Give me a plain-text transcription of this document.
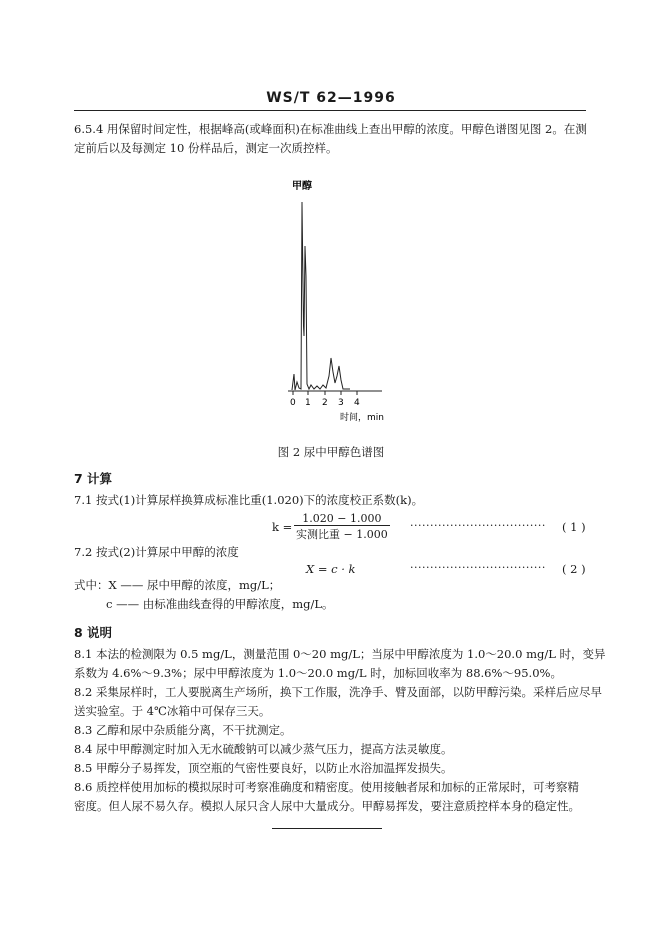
WS/T 62—1996
6.5.4 用保留时间定性，根据峰高(或峰面积)在标准曲线上查出甲醇的浓度。甲醇色谱图见图 2。在测
定前后以及每测定 10 份样品后，测定一次质控样。
甲醇
0 1 2 3 4
时间，min
图 2 尿中甲醇色谱图
7 计算
7.1 按式(1)计算尿样换算成标准比重(1.020)下的浓度校正系数(k)。
k =
1.020 − 1.000
实测比重 − 1.000
·································· ( 1 )
7.2 按式(2)计算尿中甲醇的浓度
X = c · k	·································· ( 2 )
式中：X —— 尿中甲醇的浓度，mg/L；
c —— 由标准曲线查得的甲醇浓度，mg/L。
8 说明
8.1 本法的检测限为 0.5 mg/L，测量范围 0～20 mg/L；当尿中甲醇浓度为 1.0～20.0 mg/L 时，变异
系数为 4.6%～9.3%；尿中甲醇浓度为 1.0～20.0 mg/L 时，加标回收率为 88.6%～95.0%。
8.2 采集尿样时，工人要脱离生产场所，换下工作服，洗净手、臂及面部，以防甲醇污染。采样后应尽早
送实验室。于 4℃冰箱中可保存三天。
8.3 乙醇和尿中杂质能分离，不干扰测定。
8.4 尿中甲醇测定时加入无水硫酸钠可以减少蒸气压力，提高方法灵敏度。
8.5 甲醇分子易挥发，顶空瓶的气密性要良好，以防止水浴加温挥发损失。
8.6 质控样使用加标的模拟尿时可考察准确度和精密度。使用接触者尿和加标的正常尿时，可考察精
密度。但人尿不易久存。模拟人尿只含人尿中大量成分。甲醇易挥发，要注意质控样本身的稳定性。
